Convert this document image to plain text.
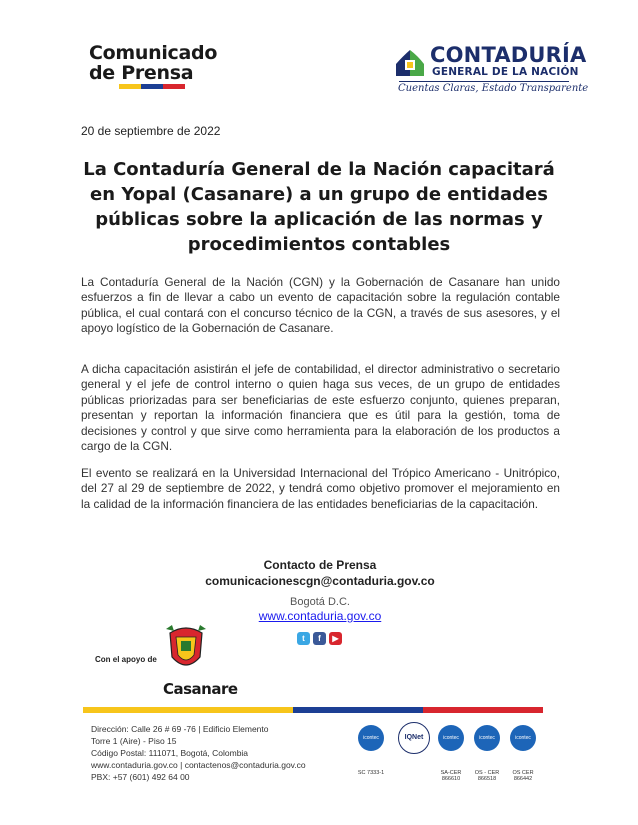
Comunicado
de Prensa
CONTADURÍA
GENERAL DE LA NACIÓN
Cuentas Claras, Estado Transparente
20 de septiembre de 2022
La Contaduría General de la Nación capacitará en Yopal (Casanare) a un grupo de entidades públicas sobre la aplicación de las normas y procedimientos contables

La Contaduría General de la Nación (CGN) y la Gobernación de Casanare han unido esfuerzos a fin de llevar a cabo un evento de capacitación sobre la regulación contable pública, el cual contará con el concurso técnico de la CGN, a través de sus asesores, y el apoyo logístico de la Gobernación de Casanare.

A dicha capacitación asistirán el jefe de contabilidad, el director administrativo o secretario general y el jefe de control interno o quien haga sus veces, de un grupo de entidades públicas priorizadas para ser beneficiarias de este esfuerzo conjunto, quienes preparan, presentan y reportan la información financiera que es útil para la gestión, toma de decisiones y control y que sirve como herramienta para la elaboración de los productos a cargo de la CGN.

El evento se realizará en la Universidad Internacional del Trópico Americano - Unitrópico, del 27 al 29 de septiembre de 2022, y tendrá como objetivo promover el mejoramiento en la calidad de la información financiera de las entidades beneficiarias de la capacitación.

Contacto de Prensa
comunicacionescgn@contaduria.gov.co
Bogotá D.C.
www.contaduria.gov.co
t	f	▶
Con el apoyo de
Casanare
Dirección: Calle 26 # 69 -76 | Edificio Elemento
Torre 1 (Aire) - Piso 15
Código Postal: 111071, Bogotá, Colombia
www.contaduria.gov.co | contactenos@contaduria.gov.co
PBX: +57 (601) 492 64 00
icontec
SC 7333-1
IQNet	icontec
SA-CER 866610
icontec
OS - CER 866518
icontec
OS CER 866442
